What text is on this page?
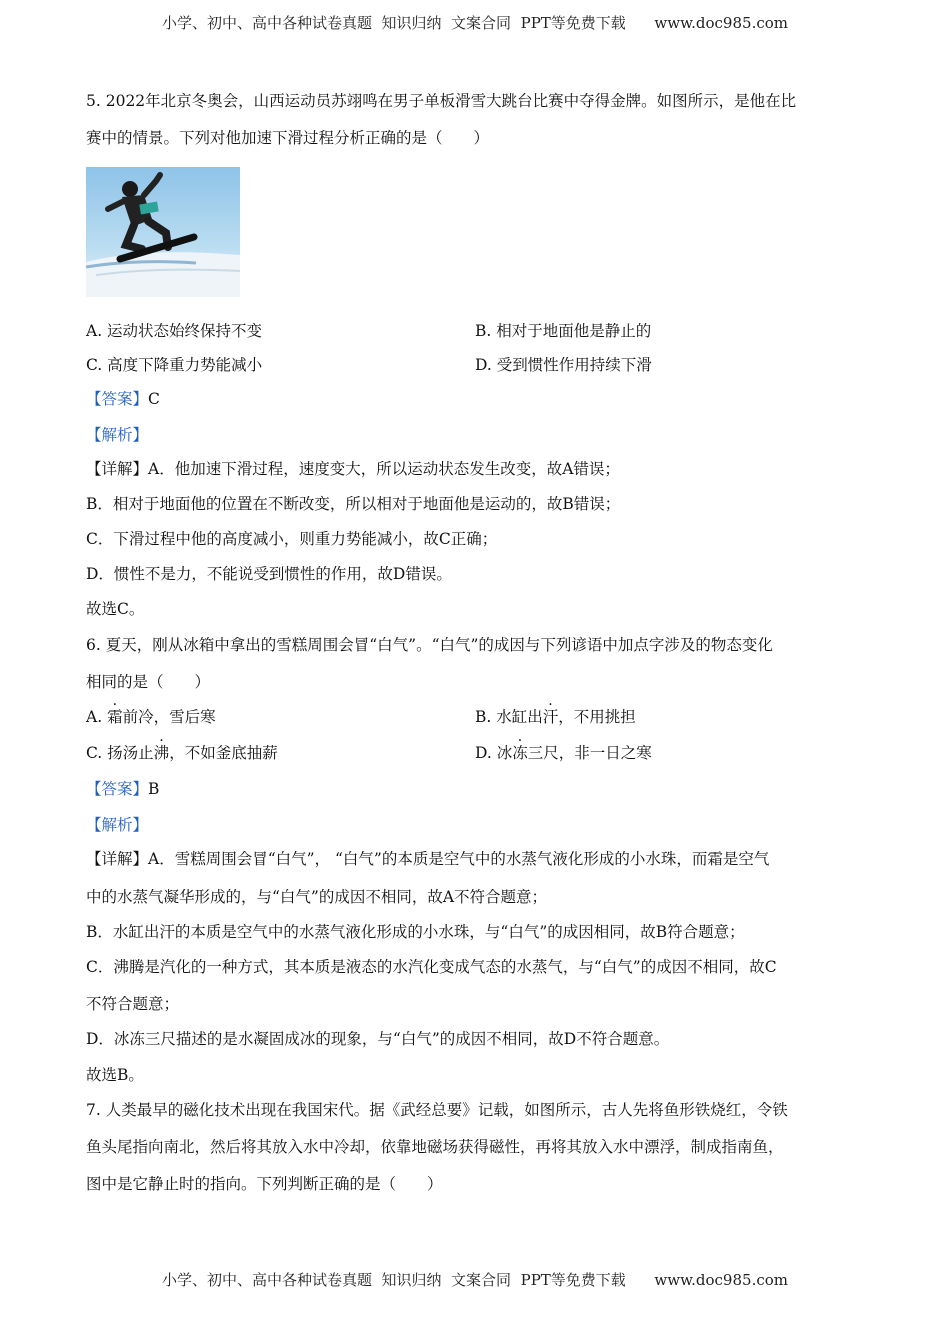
小学、初中、高中各种试卷真题  知识归纳  文案合同  PPT等免费下载      www.doc985.com
5. 2022年北京冬奥会，山西运动员苏翊鸣在男子单板滑雪大跳台比赛中夺得金牌。如图所示，是他在比
赛中的情景。下列对他加速下滑过程分析正确的是（　　）
A. 运动状态始终保持不变	B. 相对于地面他是静止的
C. 高度下降重力势能减小	D. 受到惯性作用持续下滑
【答案】C
【解析】
【详解】A．他加速下滑过程，速度变大，所以运动状态发生改变，故A错误；
B．相对于地面他的位置在不断改变，所以相对于地面他是运动的，故B错误；
C．下滑过程中他的高度减小，则重力势能减小，故C正确；
D．惯性不是力，不能说受到惯性的作用，故D错误。
故选C。
6. 夏天，刚从冰箱中拿出的雪糕周围会冒“白气”。“白气”的成因与下列谚语中加点字涉及的物态变化
相同的是（　　）
A. 霜前冷，雪后寒	B. 水缸出汗，不用挑担
C. 扬汤止沸，不如釜底抽薪	D. 冰冻三尺，非一日之寒
【答案】B
【解析】
【详解】A．雪糕周围会冒“白气”， “白气”的本质是空气中的水蒸气液化形成的小水珠，而霜是空气
中的水蒸气凝华形成的，与“白气”的成因不相同，故A不符合题意；
B．水缸出汗的本质是空气中的水蒸气液化形成的小水珠，与“白气”的成因相同，故B符合题意；
C．沸腾是汽化的一种方式，其本质是液态的水汽化变成气态的水蒸气，与“白气”的成因不相同，故C
不符合题意；
D．冰冻三尺描述的是水凝固成冰的现象，与“白气”的成因不相同，故D不符合题意。
故选B。
7. 人类最早的磁化技术出现在我国宋代。据《武经总要》记载，如图所示，古人先将鱼形铁烧红，令铁
鱼头尾指向南北，然后将其放入水中冷却，依靠地磁场获得磁性，再将其放入水中漂浮，制成指南鱼，
图中是它静止时的指向。下列判断正确的是（　　）
小学、初中、高中各种试卷真题  知识归纳  文案合同  PPT等免费下载      www.doc985.com
